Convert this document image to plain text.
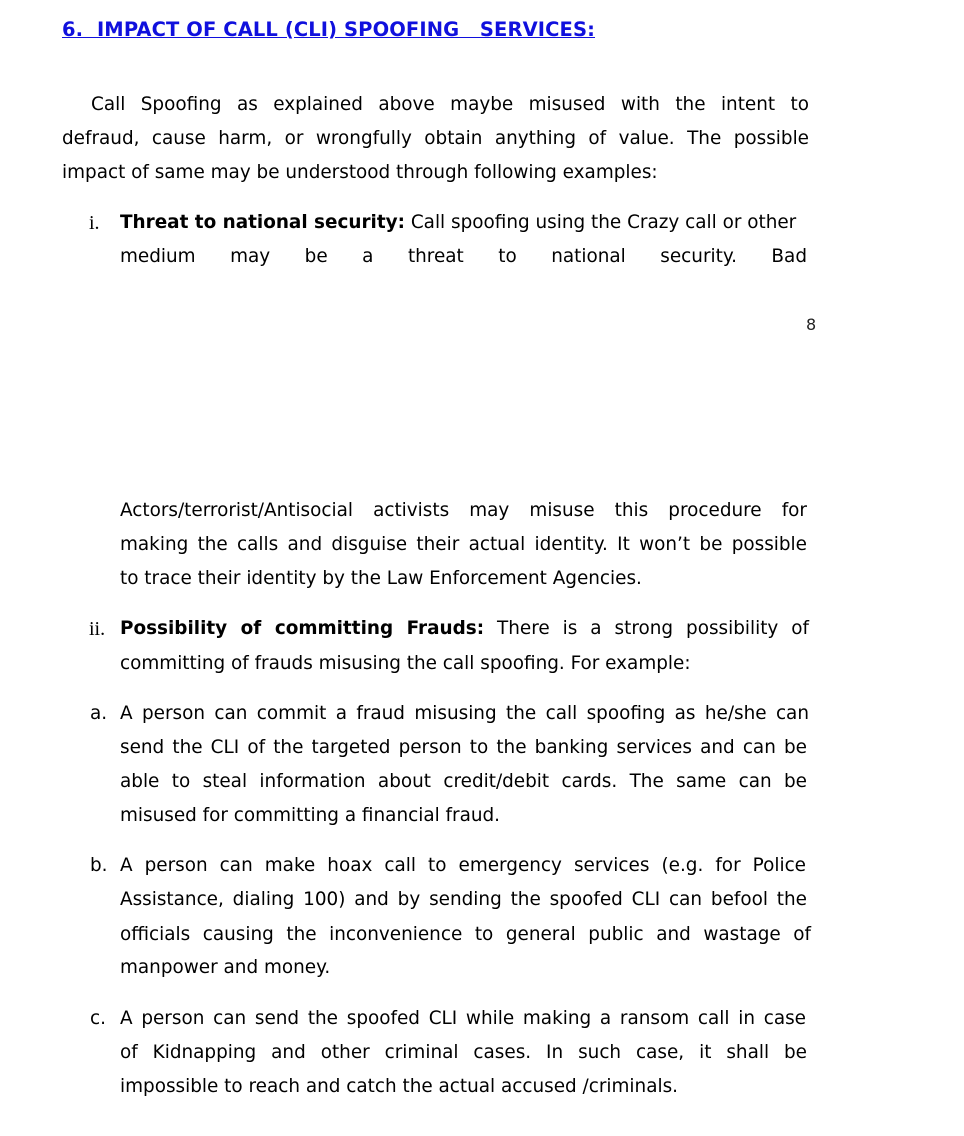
6.  IMPACT OF CALL (CLI) SPOOFING   SERVICES:
Call Spoofing as explained above maybe misused with the intent to
defraud, cause harm, or wrongfully obtain anything of value. The possible
impact of same may be understood through following examples:
i. Threat to national security: Call spoofing using the Crazy call or other
medium may be a threat to national security. Bad
8
Actors/terrorist/Antisocial activists may misuse this procedure for
making the calls and disguise their actual identity. It won’t be possible
to trace their identity by the Law Enforcement Agencies.
ii. Possibility of committing Frauds: There is a strong possibility of
committing of frauds misusing the call spoofing. For example:
a. A person can commit a fraud misusing the call spoofing as he/she can
send the CLI of the targeted person to the banking services and can be
able to steal information about credit/debit cards. The same can be
misused for committing a financial fraud.
b. A person can make hoax call to emergency services (e.g. for Police
Assistance, dialing 100) and by sending the spoofed CLI can befool the
officials causing the inconvenience to general public and wastage of
manpower and money.
c. A person can send the spoofed CLI while making a ransom call in case
of Kidnapping and other criminal cases. In such case, it shall be
impossible to reach and catch the actual accused /criminals.
